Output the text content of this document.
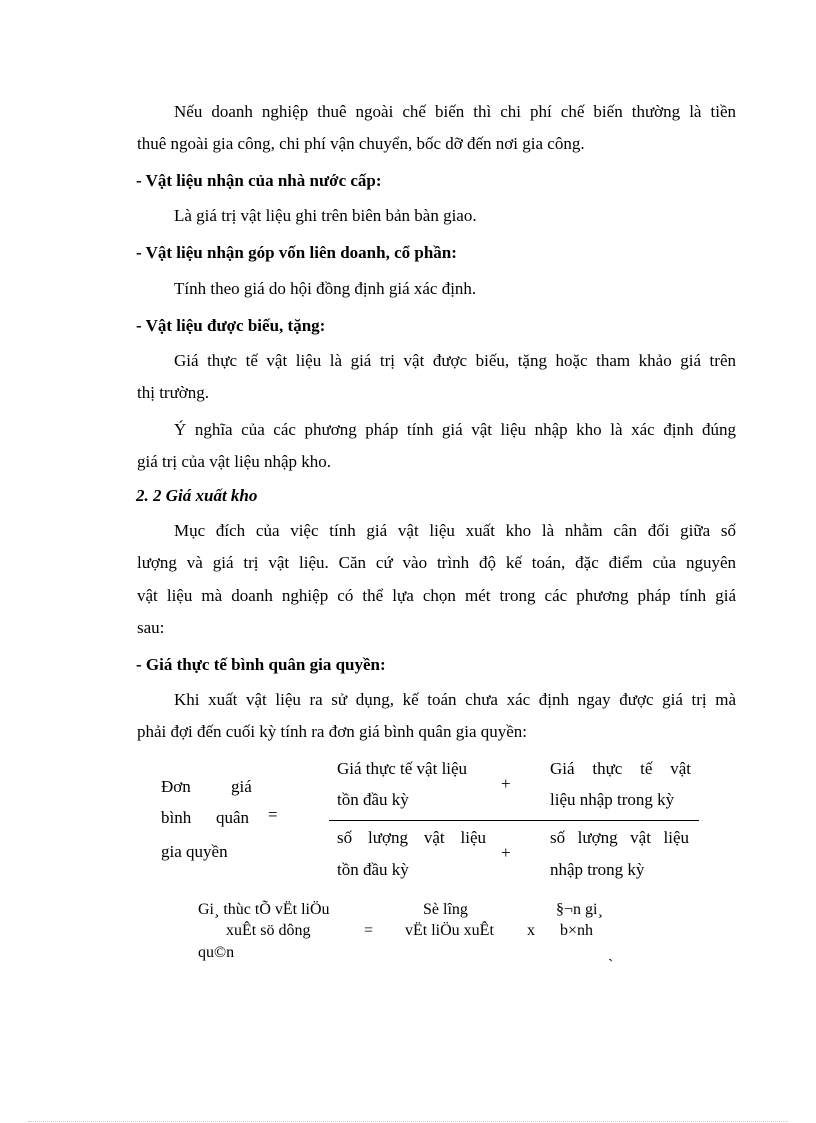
Nếu doanh nghiệp thuê ngoài chế biến thì chi phí chế biến thường là tiền
thuê ngoài gia công, chi phí vận chuyển, bốc dỡ đến nơi gia công.
- Vật liệu nhận của nhà nước cấp:
Là giá trị vật liệu ghi trên biên bản bàn giao.
- Vật liệu nhận góp vốn liên doanh, cổ phần:
Tính theo giá do hội đồng định giá xác định.
- Vật liệu được biếu, tặng:
Giá thực tế vật liệu là giá trị vật được biếu, tặng hoặc tham khảo giá trên
thị trường.
Ý nghĩa của các phương pháp tính giá vật liệu nhập kho là xác định đúng
giá trị của vật liệu nhập kho.
2. 2 Giá xuất kho
Mục đích của việc tính giá vật liệu xuất kho là nhằm cân đối giữa số
lượng và giá trị vật liệu. Căn cứ vào trình độ kế toán, đặc điểm của nguyên
vật liệu mà doanh nghiệp có thể lựa chọn mét trong các phương pháp tính giá
sau:
- Giá thực tế bình quân gia quyền:
Khi xuất vật liệu ra sử dụng, kế toán chưa xác định ngay được giá trị mà
phải đợi đến cuối kỳ tính ra đơn giá bình quân gia quyền:
Đơn giá
bình quân
gia quyền
=
Giá thực tế vật liệu
tồn đầu kỳ
+
Giá thực tế vật
liệu nhập trong kỳ
số lượng vật liệu
tồn đầu kỳ
+
số lượng vật liệu
nhập trong kỳ
Gi¸ thùc tÕ vËt liÖu
xuÊt sö dông
qu©n
=
Sè lîng
vËt liÖu xuÊt x
§¬n gi¸
b×nh
`
